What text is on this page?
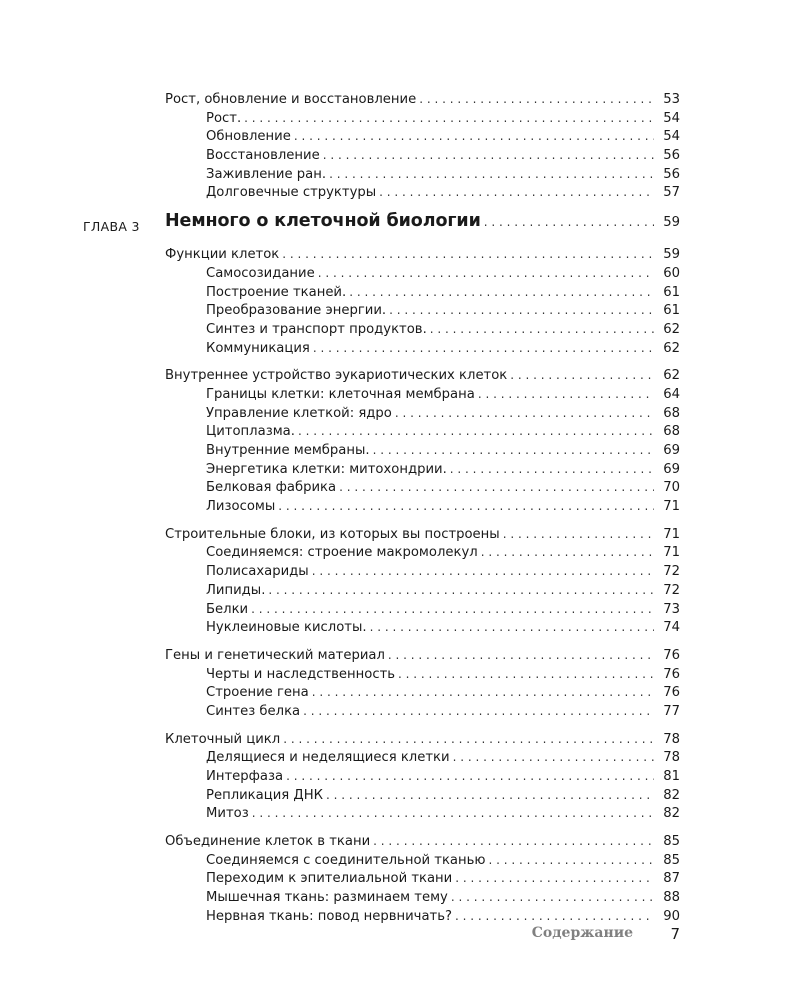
Рост, обновление и восстановление . . .	53
Рост. . . .	54
Обновление . . .	54
Восстановление . . .	56
Заживление ран. . . .	56
Долговечные структуры . . .	57
ГЛАВА 3 Немного о клеточной биологии . . .	59
Функции клеток . . .	59
Самосозидание . . .	60
Построение тканей. . . .	61
Преобразование энергии. . . .	61
Синтез и транспорт продуктов. . . .	62
Коммуникация . . .	62
Внутреннее устройство эукариотических клеток . . .	62
Границы клетки: клеточная мембрана . . .	64
Управление клеткой: ядро . . .	68
Цитоплазма. . . .	68
Внутренние мембраны. . . .	69
Энергетика клетки: митохондрии. . . .	69
Белковая фабрика . . .	70
Лизосомы . . .	71
Строительные блоки, из которых вы построены . . .	71
Соединяемся: строение макромолекул . . .	71
Полисахариды . . .	72
Липиды. . . .	72
Белки . . .	73
Нуклеиновые кислоты. . . .	74
Гены и генетический материал . . .	76
Черты и наследственность . . .	76
Строение гена . . .	76
Синтез белка . . .	77
Клеточный цикл . . .	78
Делящиеся и неделящиеся клетки . . .	78
Интерфаза . . .	81
Репликация ДНК . . .	82
Митоз . . .	82
Объединение клеток в ткани . . .	85
Соединяемся с соединительной тканью . . .	85
Переходим к эпителиальной ткани . . .	87
Мышечная ткань: разминаем тему . . .	88
Нервная ткань: повод нервничать? . . .	90
Содержание 7
